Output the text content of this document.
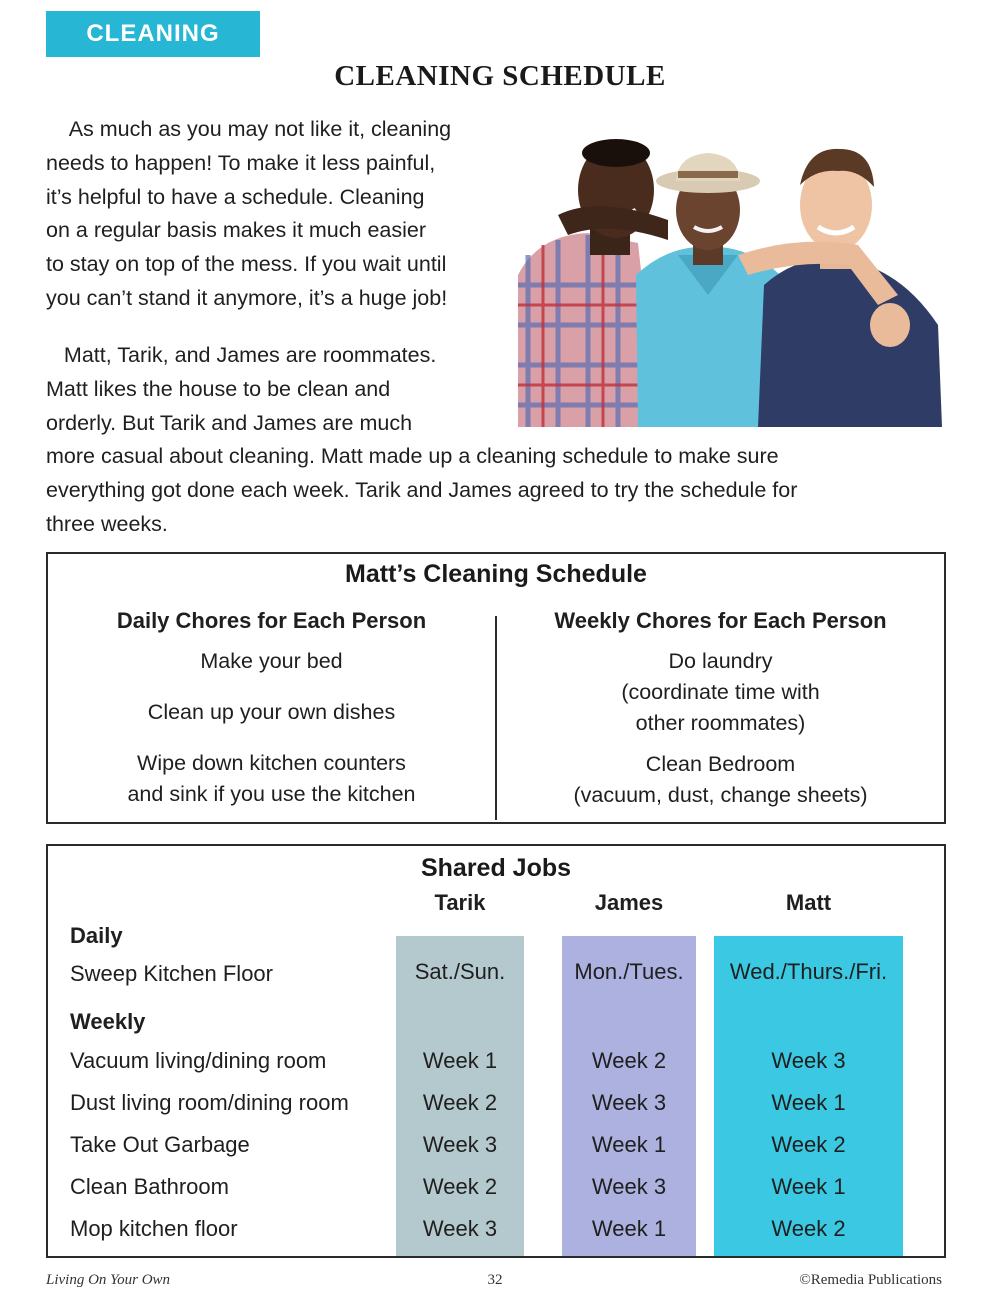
CLEANING
CLEANING SCHEDULE
As much as you may not like it, cleaning
needs to happen! To make it less painful,
it’s helpful to have a schedule. Cleaning
on a regular basis makes it much easier
to stay on top of the mess. If you wait until
you can’t stand it anymore, it’s a huge job!
Matt, Tarik, and James are roommates.
Matt likes the house to be clean and
orderly. But Tarik and James are much
more casual about cleaning. Matt made up a cleaning schedule to make sure
everything got done each week. Tarik and James agreed to try the schedule for
three weeks.
Matt’s Cleaning Schedule
Daily Chores for Each Person
Make your bed
Clean up your own dishes
Wipe down kitchen counters
and sink if you use the kitchen
Weekly Chores for Each Person
Do laundry
(coordinate time with
other roommates)
Clean Bedroom
(vacuum, dust, change sheets)
Shared Jobs
Tarik	James	Matt
Daily
Sweep Kitchen Floor	Sat./Sun.	Mon./Tues.	Wed./Thurs./Fri.
Weekly
Vacuum living/dining room	Week 1	Week 2	Week 3
Dust living room/dining room	Week 2	Week 3	Week 1
Take Out Garbage	Week 3	Week 1	Week 2
Clean Bathroom	Week 2	Week 3	Week 1
Mop kitchen floor	Week 3	Week 1	Week 2
Living On Your Own	32	©Remedia Publications
